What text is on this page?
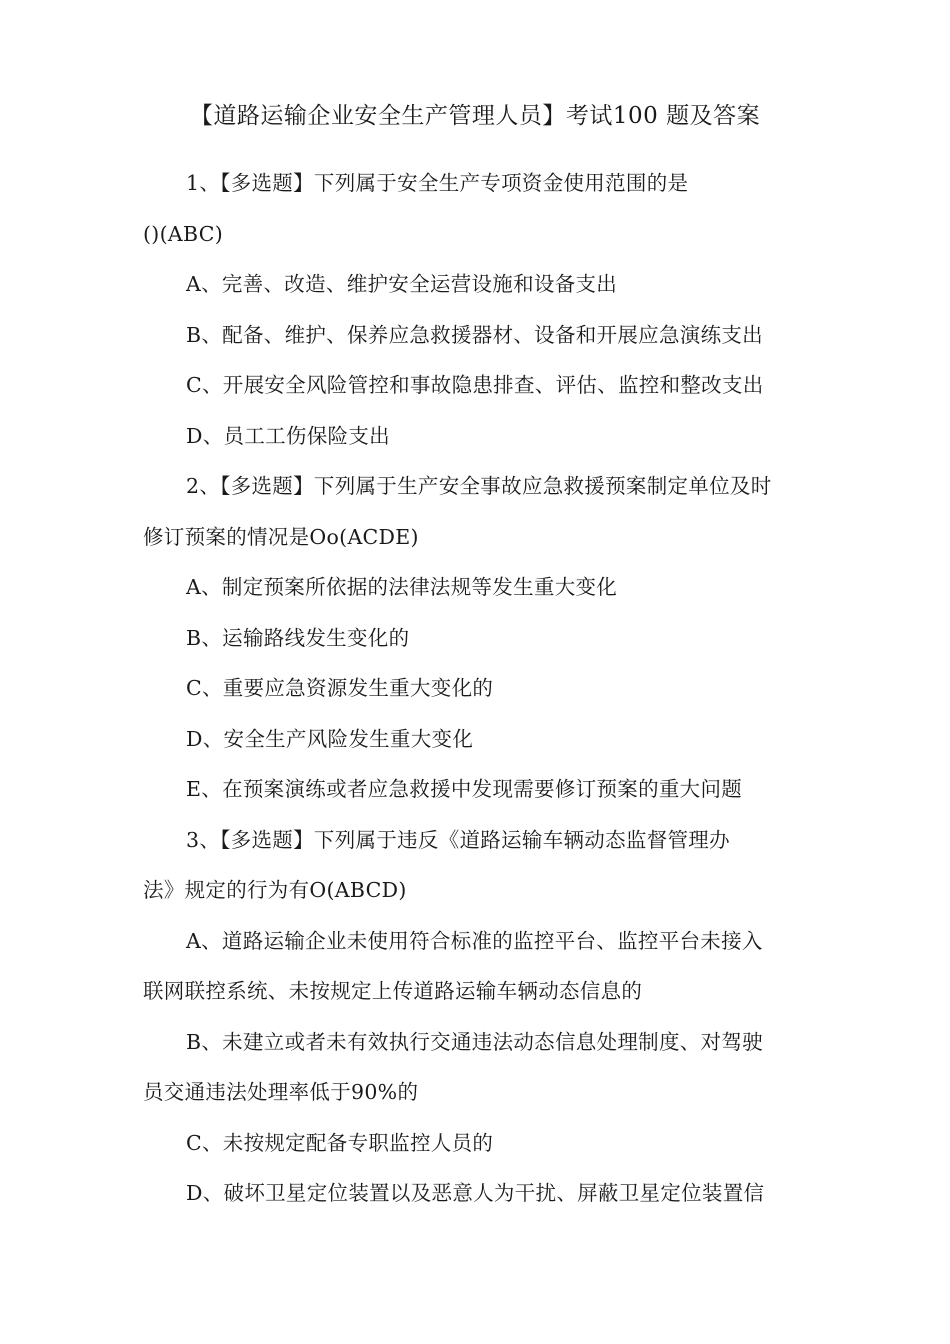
【道路运输企业安全生产管理人员】考试100 题及答案
1、【多选题】下列属于安全生产专项资金使用范围的是
()(ABC)
A、完善、改造、维护安全运营设施和设备支出
B、配备、维护、保养应急救援器材、设备和开展应急演练支出
C、开展安全风险管控和事故隐患排查、评估、监控和整改支出
D、员工工伤保险支出
2、【多选题】下列属于生产安全事故应急救援预案制定单位及时
修订预案的情况是Oo(ACDE)
A、制定预案所依据的法律法规等发生重大变化
B、运输路线发生变化的
C、重要应急资源发生重大变化的
D、安全生产风险发生重大变化
E、在预案演练或者应急救援中发现需要修订预案的重大问题
3、【多选题】下列属于违反《道路运输车辆动态监督管理办
法》规定的行为有O(ABCD)
A、道路运输企业未使用符合标准的监控平台、监控平台未接入
联网联控系统、未按规定上传道路运输车辆动态信息的
B、未建立或者未有效执行交通违法动态信息处理制度、对驾驶
员交通违法处理率低于90%的
C、未按规定配备专职监控人员的
D、破坏卫星定位装置以及恶意人为干扰、屏蔽卫星定位装置信
